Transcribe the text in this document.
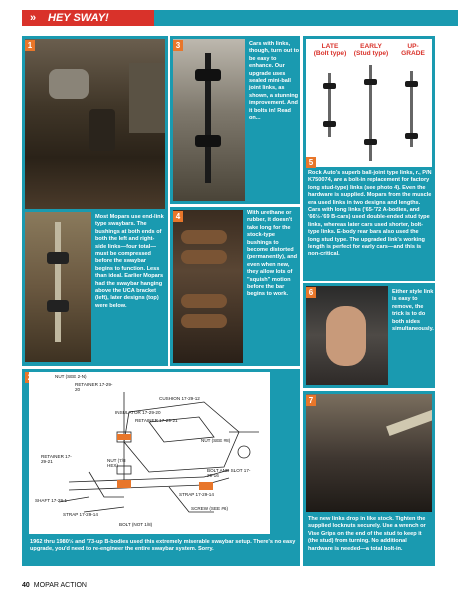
» HEY SWAY!
1
Most Mopars use end-link type swaybars. The bushings at both ends of both the left and right-side links—four total—must be compressed before the swaybar begins to function. Less than ideal. Earlier Mopars had the swaybar hanging above the UCA bracket (left), later designs (top) were below.
3	Cars with links, though, turn out to be easy to enhance. Our upgrade uses sealed mini-ball joint links, as shown, a stunning improvement. And it bolts in! Read on...
4	With urethane or rubber, it doesn't take long for the stock-type bushings to become distorted (permanently), and even when new, they allow lots of "squish" motion before the bar begins to work.
LATE
(Bolt type)
EARLY
(Stud type)
UP-
GRADE
5
Rock Auto's superb ball-joint type links, r., P/N K750074, are a bolt-in replacement for factory long stud-type) links (see photo 4). Even the hardware is supplied. Mopars from the muscle era used links in two designs and lengths. Cars with long links ('65-'72 A-bodies, and '66½-'69 B-cars) used double-ended stud type links, whereas later cars used shorter, bolt-type links. E-body rear bars also used the long stud type. The upgraded link's working length is perfect for early cars—and this is non-critical.
6	Either style link is easy to remove, the trick is to do both sides simultaneously.
1962 thru 1980½ and '73-up B-bodies used this extremely miserable swaybar setup. There's no easy upgrade, you'd need to re-engineer the entire swaybar system. Sorry.
NUT (SEE 2-N)
RETAINER 17-29-20
CUSHION 17-29-12
INSULATOR 17-29-20
RETAINER 17-29-21
NUT (SEE #8)
RETAINER 17-29-21	NUT (7/8 HEX)
BOLT AND SLOT 17-29-16
STRAP 17-29-14
SHAFT 17-29-1
SCREW (SEE #6)
STRAP 17-29-14
BOLT (NOT 1/8)
7
The new links drop in like stock. Tighten the supplied locknuts securely. Use a wrench or Vise Grips on the end of the stud to keep it (the stud) from turning. No additional hardware is needed—a total bolt-in.
40 MOPAR ACTION
